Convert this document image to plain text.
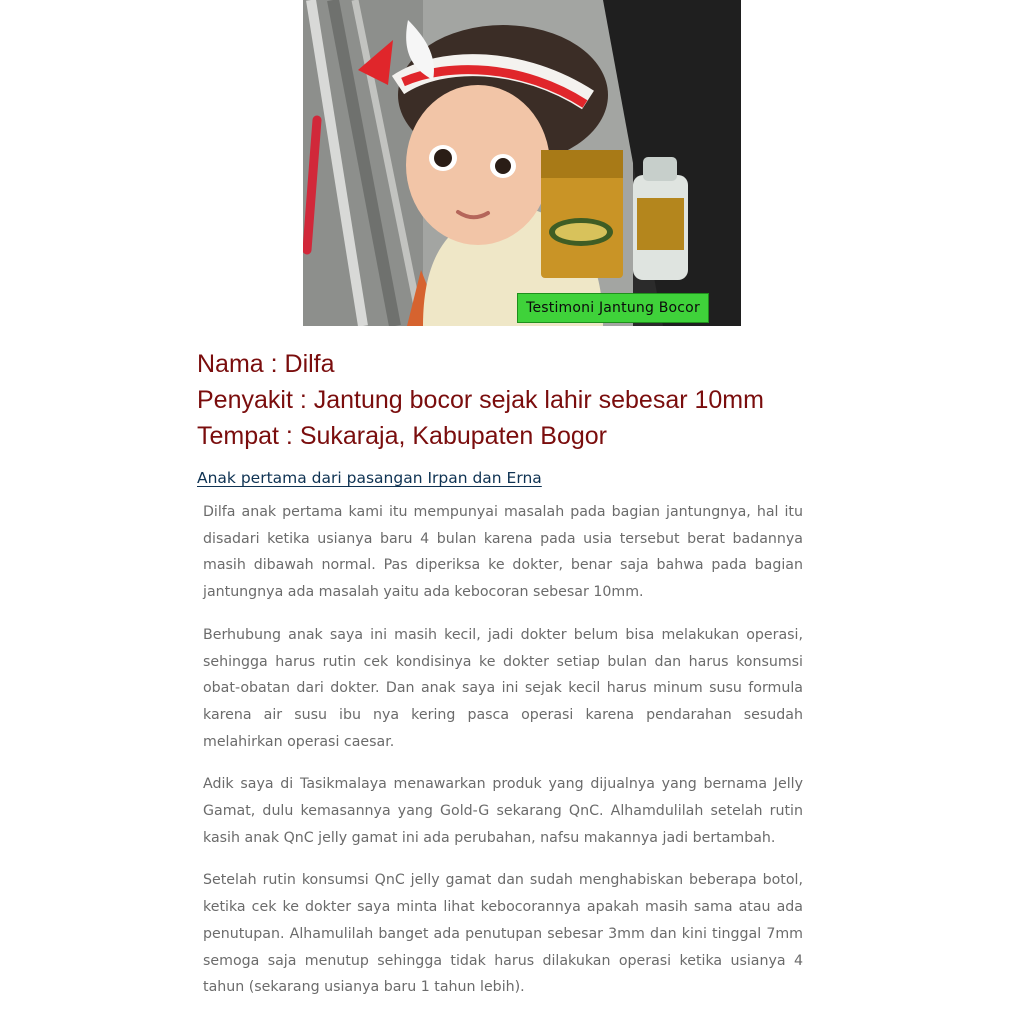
Testimoni Jantung Bocor
Nama : Dilfa
Penyakit : Jantung bocor sejak lahir sebesar 10mm
Tempat : Sukaraja, Kabupaten Bogor
Anak pertama dari pasangan Irpan dan Erna

Dilfa anak pertama kami itu mempunyai masalah pada bagian jantungnya, hal itu disadari ketika usianya baru 4 bulan karena pada usia tersebut berat badannya masih dibawah normal. Pas diperiksa ke dokter, benar saja bahwa pada bagian jantungnya ada masalah yaitu ada kebocoran sebesar 10mm.

Berhubung anak saya ini masih kecil, jadi dokter belum bisa melakukan operasi, sehingga harus rutin cek kondisinya ke dokter setiap bulan dan harus konsumsi obat-obatan dari dokter. Dan anak saya ini sejak kecil harus minum susu formula karena air susu ibu nya kering pasca operasi karena pendarahan sesudah melahirkan operasi caesar.

Adik saya di Tasikmalaya menawarkan produk yang dijualnya yang bernama Jelly Gamat, dulu kemasannya yang Gold-G sekarang QnC. Alhamdulilah setelah rutin kasih anak QnC jelly gamat ini ada perubahan, nafsu makannya jadi bertambah.

Setelah rutin konsumsi QnC jelly gamat dan sudah menghabiskan beberapa botol, ketika cek ke dokter saya minta lihat kebocorannya apakah masih sama atau ada penutupan. Alhamulilah banget ada penutupan sebesar 3mm dan kini tinggal 7mm semoga saja menutup sehingga tidak harus dilakukan operasi ketika usianya 4 tahun (sekarang usianya baru 1 tahun lebih).
